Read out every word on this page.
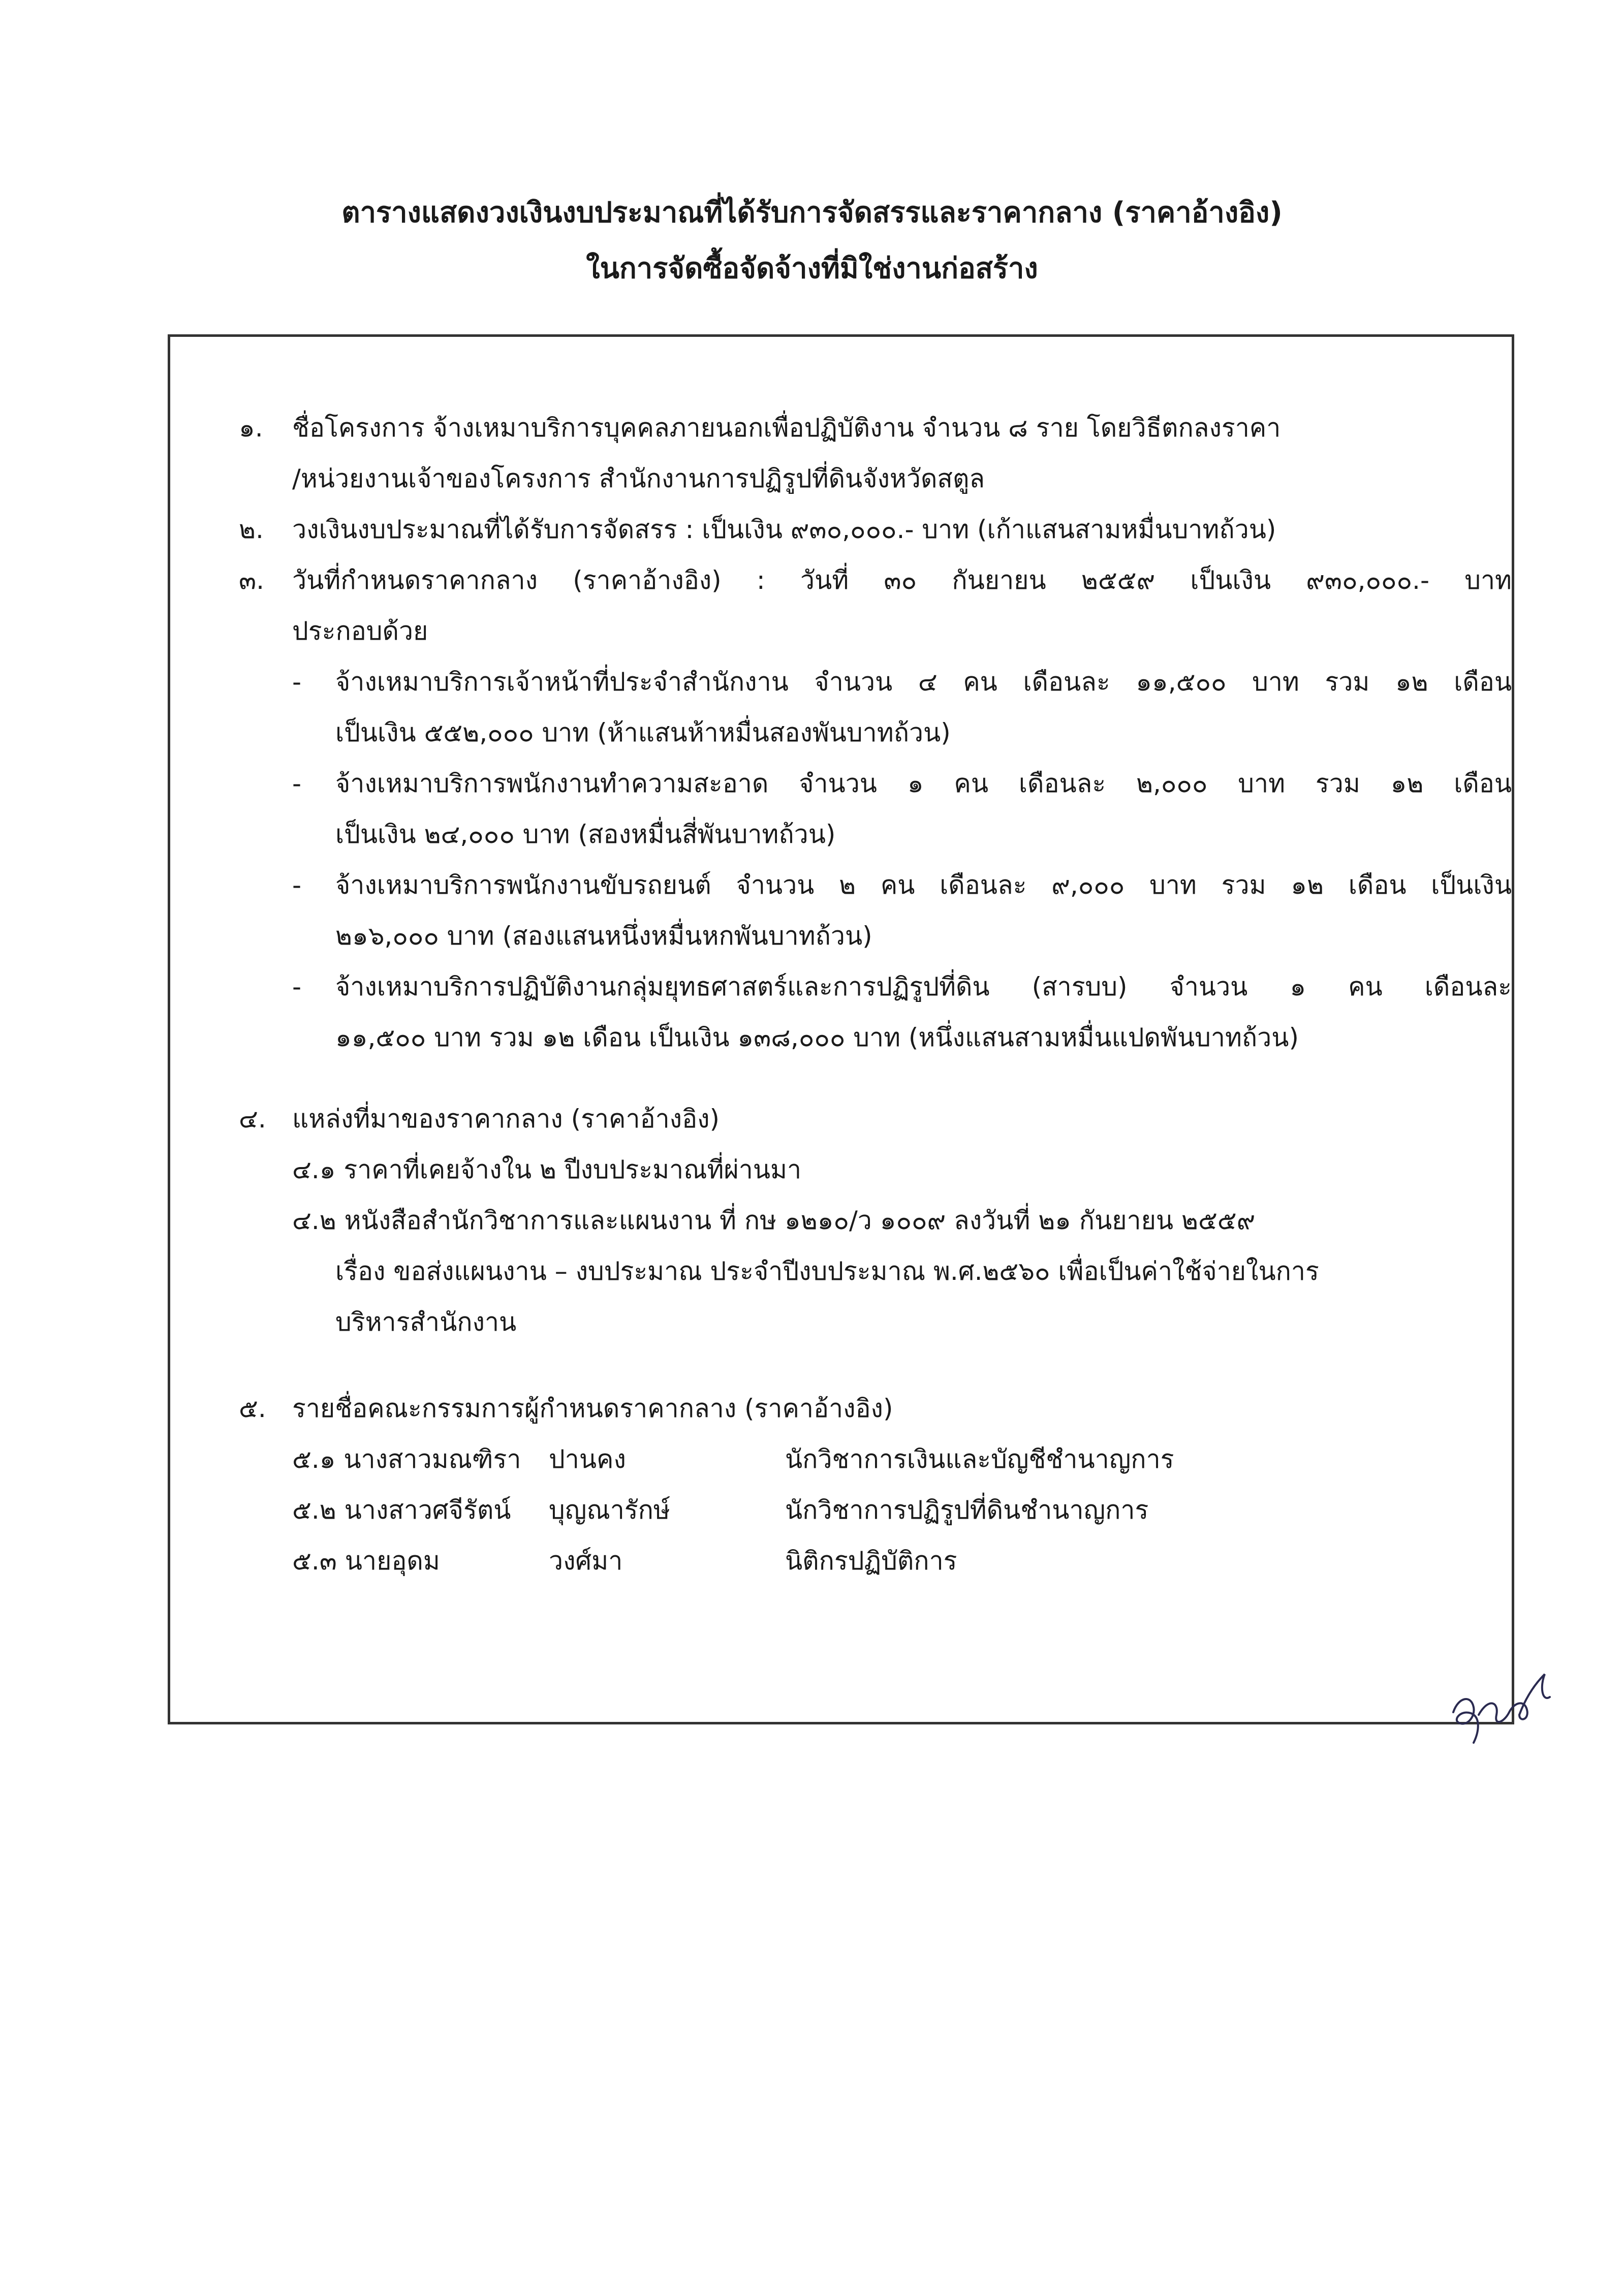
ตารางแสดงวงเงินงบประมาณที่ได้รับการจัดสรรและราคากลาง (ราคาอ้างอิง)
ในการจัดซื้อจัดจ้างที่มิใช่งานก่อสร้าง
๑. ชื่อโครงการ จ้างเหมาบริการบุคคลภายนอกเพื่อปฏิบัติงาน จำนวน ๘ ราย โดยวิธีตกลงราคา
/หน่วยงานเจ้าของโครงการ สำนักงานการปฏิรูปที่ดินจังหวัดสตูล
๒. วงเงินงบประมาณที่ได้รับการจัดสรร : เป็นเงิน ๙๓๐,๐๐๐.- บาท (เก้าแสนสามหมื่นบาทถ้วน)
๓. วันที่กำหนดราคากลาง (ราคาอ้างอิง) : วันที่ ๓๐ กันยายน ๒๕๕๙ เป็นเงิน ๙๓๐,๐๐๐.- บาท
ประกอบด้วย
- จ้างเหมาบริการเจ้าหน้าที่ประจำสำนักงาน จำนวน ๔ คน เดือนละ ๑๑,๕๐๐ บาท รวม ๑๒ เดือน
เป็นเงิน ๕๕๒,๐๐๐ บาท (ห้าแสนห้าหมื่นสองพันบาทถ้วน)
- จ้างเหมาบริการพนักงานทำความสะอาด จำนวน ๑ คน เดือนละ ๒,๐๐๐ บาท รวม ๑๒ เดือน
เป็นเงิน ๒๔,๐๐๐ บาท (สองหมื่นสี่พันบาทถ้วน)
- จ้างเหมาบริการพนักงานขับรถยนต์ จำนวน ๒ คน เดือนละ ๙,๐๐๐ บาท รวม ๑๒ เดือน เป็นเงิน
๒๑๖,๐๐๐ บาท (สองแสนหนึ่งหมื่นหกพันบาทถ้วน)
- จ้างเหมาบริการปฏิบัติงานกลุ่มยุทธศาสตร์และการปฏิรูปที่ดิน (สารบบ) จำนวน ๑ คน เดือนละ
๑๑,๕๐๐ บาท รวม ๑๒ เดือน เป็นเงิน ๑๓๘,๐๐๐ บาท (หนึ่งแสนสามหมื่นแปดพันบาทถ้วน)
๔. แหล่งที่มาของราคากลาง (ราคาอ้างอิง)
๔.๑ ราคาที่เคยจ้างใน ๒ ปีงบประมาณที่ผ่านมา
๔.๒ หนังสือสำนักวิชาการและแผนงาน ที่ กษ ๑๒๑๐/ว ๑๐๐๙ ลงวันที่ ๒๑ กันยายน ๒๕๕๙
เรื่อง ขอส่งแผนงาน – งบประมาณ ประจำปีงบประมาณ พ.ศ.๒๕๖๐ เพื่อเป็นค่าใช้จ่ายในการ
บริหารสำนักงาน
๕. รายชื่อคณะกรรมการผู้กำหนดราคากลาง (ราคาอ้างอิง)
๕.๑ นางสาวมณฑิรา ปานคง	นักวิชาการเงินและบัญชีชำนาญการ
๕.๒ นางสาวศจีรัตน์ บุญณารักษ์	นักวิชาการปฏิรูปที่ดินชำนาญการ
๕.๓ นายอุดม	วงศ์มา	นิติกรปฏิบัติการ
